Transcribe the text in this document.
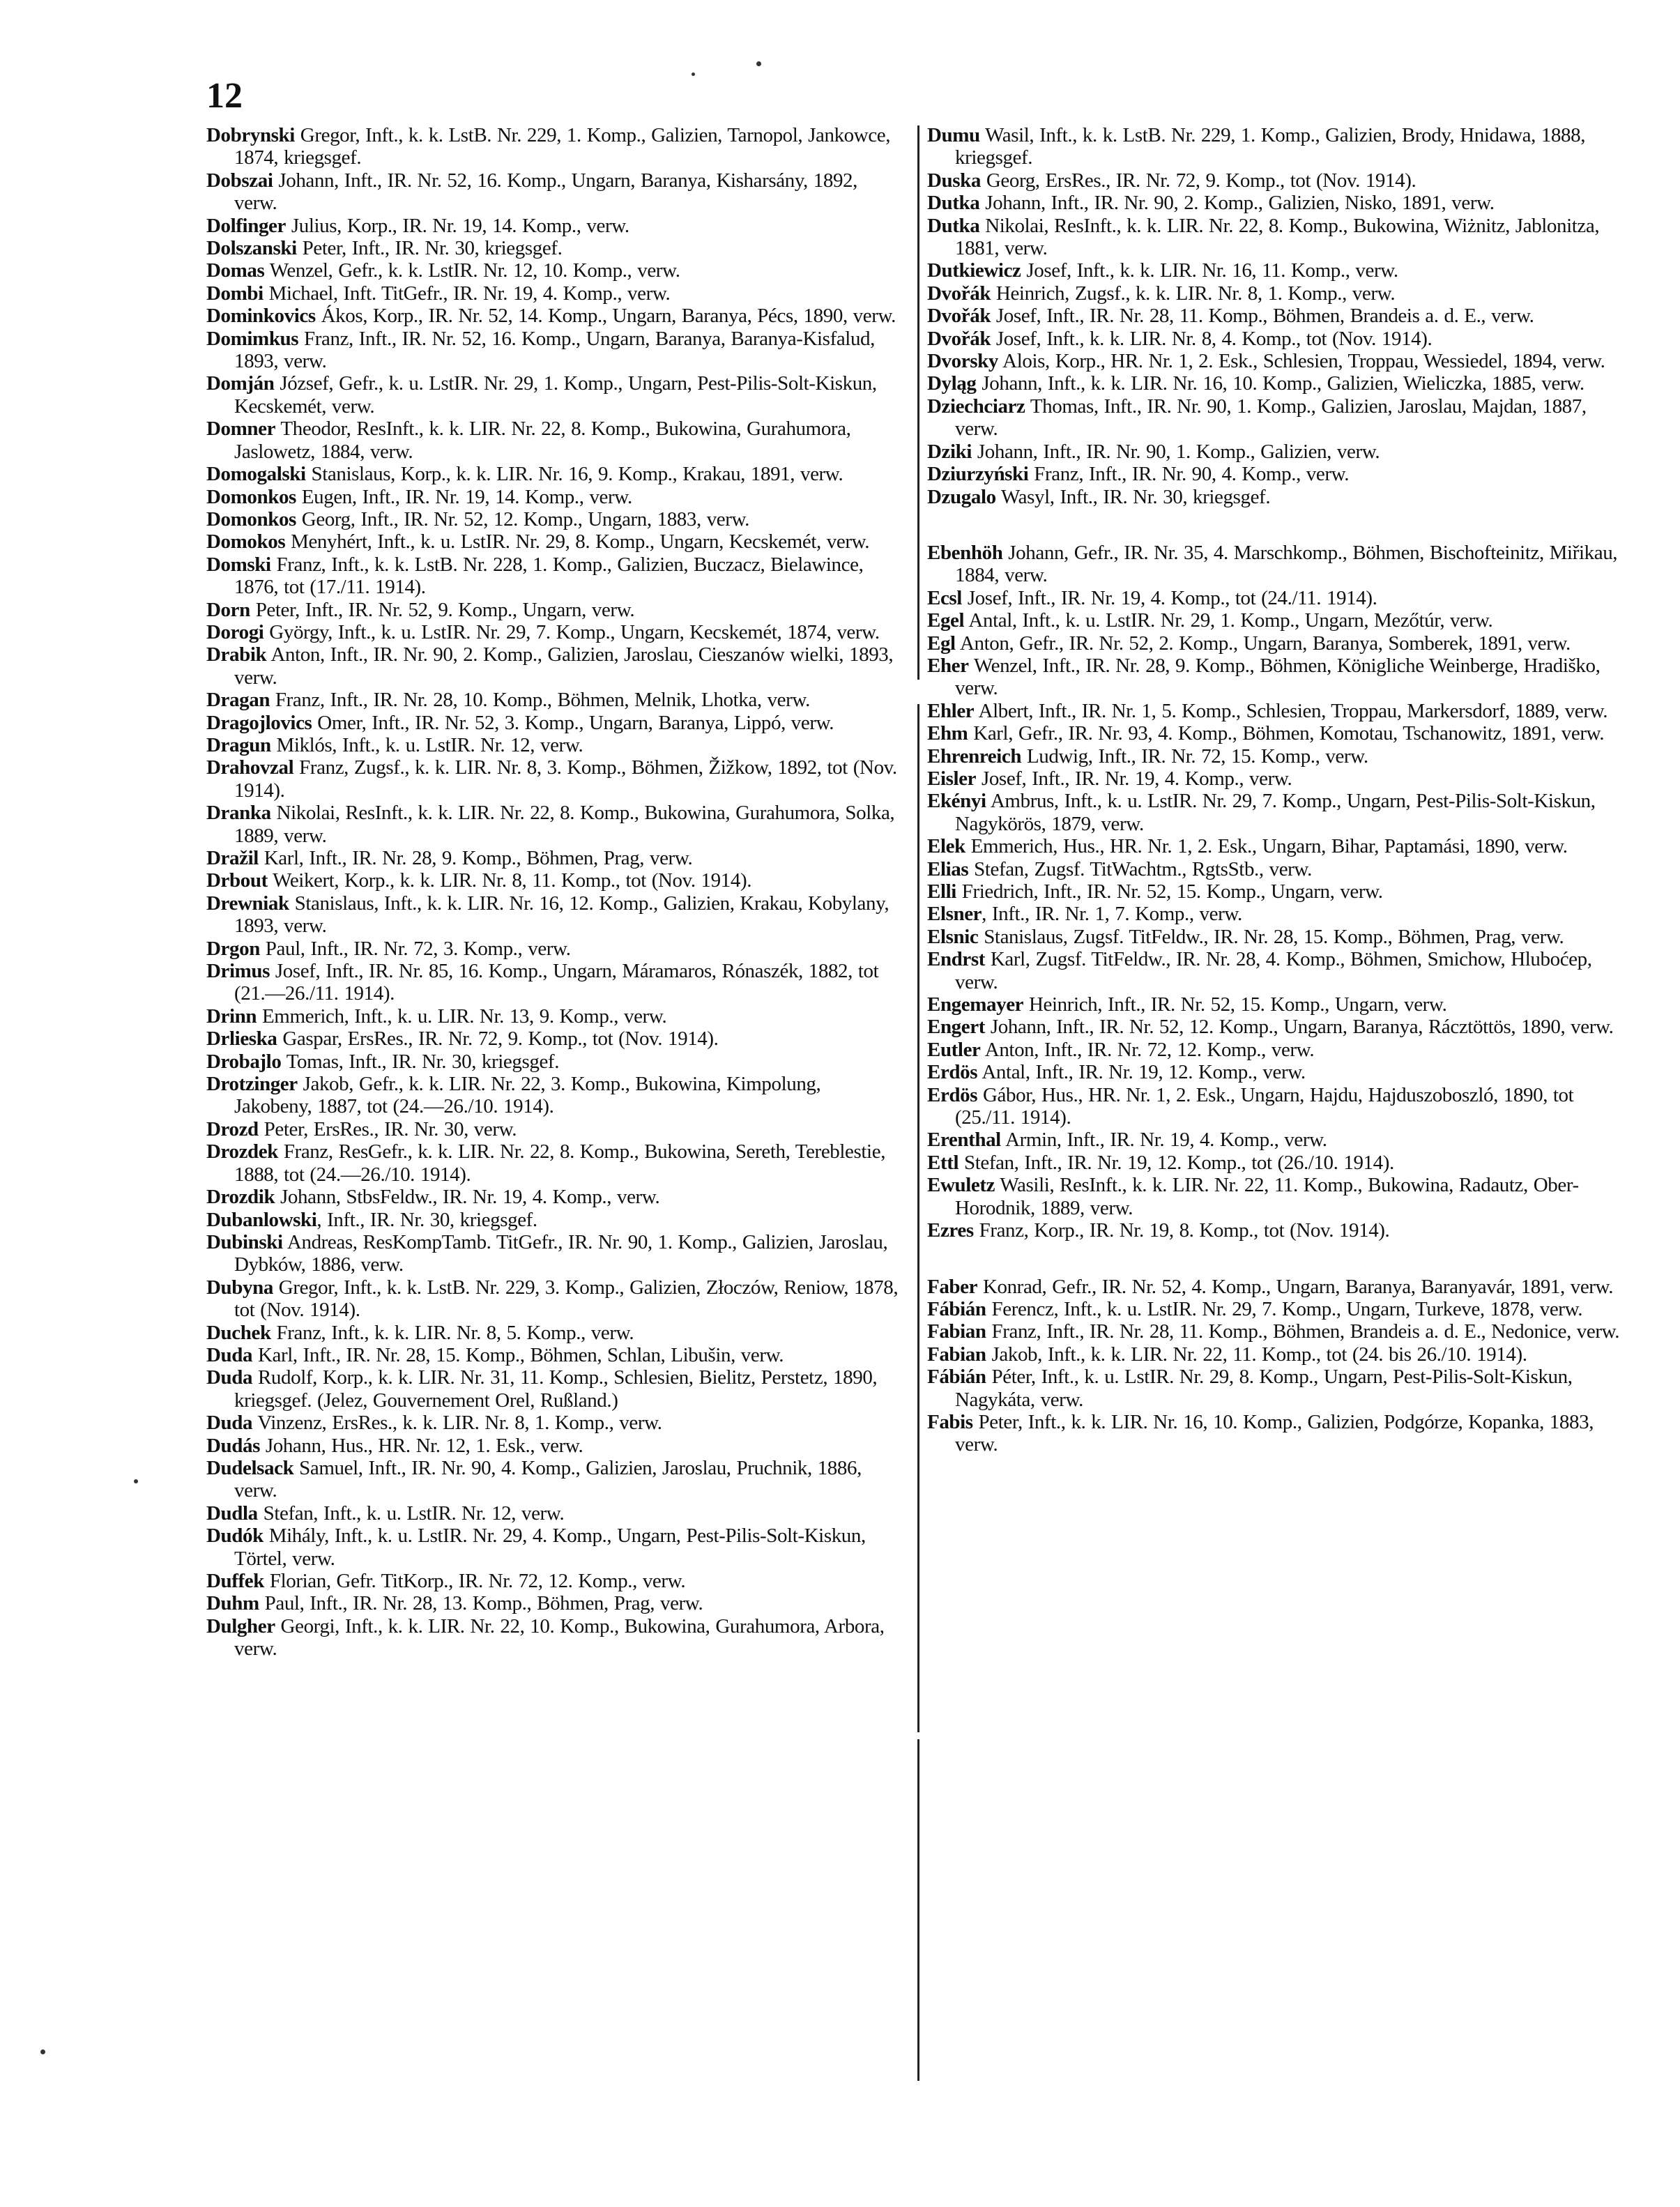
12
Dobrynski Gregor, Inft., k. k. LstB. Nr. 229, 1. Komp., Galizien, Tarnopol, Jankowce, 1874, kriegsgef.
Dobszai Johann, Inft., IR. Nr. 52, 16. Komp., Ungarn, Baranya, Kisharsány, 1892, verw.
Dolfinger Julius, Korp., IR. Nr. 19, 14. Komp., verw.
Dolszanski Peter, Inft., IR. Nr. 30, kriegsgef.
Domas Wenzel, Gefr., k. k. LstIR. Nr. 12, 10. Komp., verw.
Dombi Michael, Inft. TitGefr., IR. Nr. 19, 4. Komp., verw.
Dominkovics Ákos, Korp., IR. Nr. 52, 14. Komp., Ungarn, Baranya, Pécs, 1890, verw.
Domimkus Franz, Inft., IR. Nr. 52, 16. Komp., Ungarn, Baranya, Baranya-Kisfalud, 1893, verw.
Domján József, Gefr., k. u. LstIR. Nr. 29, 1. Komp., Ungarn, Pest-Pilis-Solt-Kiskun, Kecskemét, verw.
Domner Theodor, ResInft., k. k. LIR. Nr. 22, 8. Komp., Bukowina, Gurahumora, Jaslowetz, 1884, verw.
Domogalski Stanislaus, Korp., k. k. LIR. Nr. 16, 9. Komp., Krakau, 1891, verw.
Domonkos Eugen, Inft., IR. Nr. 19, 14. Komp., verw.
Domonkos Georg, Inft., IR. Nr. 52, 12. Komp., Ungarn, 1883, verw.
Domokos Menyhért, Inft., k. u. LstIR. Nr. 29, 8. Komp., Ungarn, Kecskemét, verw.
Domski Franz, Inft., k. k. LstB. Nr. 228, 1. Komp., Galizien, Buczacz, Bielawince, 1876, tot (17./11. 1914).
Dorn Peter, Inft., IR. Nr. 52, 9. Komp., Ungarn, verw.
Dorogi György, Inft., k. u. LstIR. Nr. 29, 7. Komp., Ungarn, Kecskemét, 1874, verw.
Drabik Anton, Inft., IR. Nr. 90, 2. Komp., Galizien, Jaroslau, Cieszanów wielki, 1893, verw.
Dragan Franz, Inft., IR. Nr. 28, 10. Komp., Böhmen, Melnik, Lhotka, verw.
Dragojlovics Omer, Inft., IR. Nr. 52, 3. Komp., Ungarn, Baranya, Lippó, verw.
Dragun Miklós, Inft., k. u. LstIR. Nr. 12, verw.
Drahovzal Franz, Zugsf., k. k. LIR. Nr. 8, 3. Komp., Böhmen, Žižkow, 1892, tot (Nov. 1914).
Dranka Nikolai, ResInft., k. k. LIR. Nr. 22, 8. Komp., Bukowina, Gurahumora, Solka, 1889, verw.
Dražil Karl, Inft., IR. Nr. 28, 9. Komp., Böhmen, Prag, verw.
Drbout Weikert, Korp., k. k. LIR. Nr. 8, 11. Komp., tot (Nov. 1914).
Drewniak Stanislaus, Inft., k. k. LIR. Nr. 16, 12. Komp., Galizien, Krakau, Kobylany, 1893, verw.
Drgon Paul, Inft., IR. Nr. 72, 3. Komp., verw.
Drimus Josef, Inft., IR. Nr. 85, 16. Komp., Ungarn, Máramaros, Rónaszék, 1882, tot (21.—26./11. 1914).
Drinn Emmerich, Inft., k. u. LIR. Nr. 13, 9. Komp., verw.
Drlieska Gaspar, ErsRes., IR. Nr. 72, 9. Komp., tot (Nov. 1914).
Drobajlo Tomas, Inft., IR. Nr. 30, kriegsgef.
Drotzinger Jakob, Gefr., k. k. LIR. Nr. 22, 3. Komp., Bukowina, Kimpolung, Jakobeny, 1887, tot (24.—26./10. 1914).
Drozd Peter, ErsRes., IR. Nr. 30, verw.
Drozdek Franz, ResGefr., k. k. LIR. Nr. 22, 8. Komp., Bukowina, Sereth, Tereblestie, 1888, tot (24.—26./10. 1914).
Drozdik Johann, StbsFeldw., IR. Nr. 19, 4. Komp., verw.
Dubanlowski, Inft., IR. Nr. 30, kriegsgef.
Dubinski Andreas, ResKompTamb. TitGefr., IR. Nr. 90, 1. Komp., Galizien, Jaroslau, Dybków, 1886, verw.
Dubyna Gregor, Inft., k. k. LstB. Nr. 229, 3. Komp., Galizien, Złoczów, Reniow, 1878, tot (Nov. 1914).
Duchek Franz, Inft., k. k. LIR. Nr. 8, 5. Komp., verw.
Duda Karl, Inft., IR. Nr. 28, 15. Komp., Böhmen, Schlan, Libušin, verw.
Duda Rudolf, Korp., k. k. LIR. Nr. 31, 11. Komp., Schlesien, Bielitz, Perstetz, 1890, kriegsgef. (Jelez, Gouvernement Orel, Rußland.)
Duda Vinzenz, ErsRes., k. k. LIR. Nr. 8, 1. Komp., verw.
Dudás Johann, Hus., HR. Nr. 12, 1. Esk., verw.
Dudelsack Samuel, Inft., IR. Nr. 90, 4. Komp., Galizien, Jaroslau, Pruchnik, 1886, verw.
Dudla Stefan, Inft., k. u. LstIR. Nr. 12, verw.
Dudók Mihály, Inft., k. u. LstIR. Nr. 29, 4. Komp., Ungarn, Pest-Pilis-Solt-Kiskun, Törtel, verw.
Duffek Florian, Gefr. TitKorp., IR. Nr. 72, 12. Komp., verw.
Duhm Paul, Inft., IR. Nr. 28, 13. Komp., Böhmen, Prag, verw.
Dulgher Georgi, Inft., k. k. LIR. Nr. 22, 10. Komp., Bukowina, Gurahumora, Arbora, verw.
Dumu Wasil, Inft., k. k. LstB. Nr. 229, 1. Komp., Galizien, Brody, Hnidawa, 1888, kriegsgef.
Duska Georg, ErsRes., IR. Nr. 72, 9. Komp., tot (Nov. 1914).
Dutka Johann, Inft., IR. Nr. 90, 2. Komp., Galizien, Nisko, 1891, verw.
Dutka Nikolai, ResInft., k. k. LIR. Nr. 22, 8. Komp., Bukowina, Wiżnitz, Jablonitza, 1881, verw.
Dutkiewicz Josef, Inft., k. k. LIR. Nr. 16, 11. Komp., verw.
Dvořák Heinrich, Zugsf., k. k. LIR. Nr. 8, 1. Komp., verw.
Dvořák Josef, Inft., IR. Nr. 28, 11. Komp., Böhmen, Brandeis a. d. E., verw.
Dvořák Josef, Inft., k. k. LIR. Nr. 8, 4. Komp., tot (Nov. 1914).
Dvorsky Alois, Korp., HR. Nr. 1, 2. Esk., Schlesien, Troppau, Wessiedel, 1894, verw.
Dyląg Johann, Inft., k. k. LIR. Nr. 16, 10. Komp., Galizien, Wieliczka, 1885, verw.
Dziechciarz Thomas, Inft., IR. Nr. 90, 1. Komp., Galizien, Jaroslau, Majdan, 1887, verw.
Dziki Johann, Inft., IR. Nr. 90, 1. Komp., Galizien, verw.
Dziurzyński Franz, Inft., IR. Nr. 90, 4. Komp., verw.
Dzugalo Wasyl, Inft., IR. Nr. 30, kriegsgef.
Ebenhöh Johann, Gefr., IR. Nr. 35, 4. Marschkomp., Böhmen, Bischofteinitz, Miřikau, 1884, verw.
Ecsl Josef, Inft., IR. Nr. 19, 4. Komp., tot (24./11. 1914).
Egel Antal, Inft., k. u. LstIR. Nr. 29, 1. Komp., Ungarn, Mezőtúr, verw.
Egl Anton, Gefr., IR. Nr. 52, 2. Komp., Ungarn, Baranya, Somberek, 1891, verw.
Eher Wenzel, Inft., IR. Nr. 28, 9. Komp., Böhmen, Königliche Weinberge, Hradiško, verw.
Ehler Albert, Inft., IR. Nr. 1, 5. Komp., Schlesien, Troppau, Markersdorf, 1889, verw.
Ehm Karl, Gefr., IR. Nr. 93, 4. Komp., Böhmen, Komotau, Tschanowitz, 1891, verw.
Ehrenreich Ludwig, Inft., IR. Nr. 72, 15. Komp., verw.
Eisler Josef, Inft., IR. Nr. 19, 4. Komp., verw.
Ekényi Ambrus, Inft., k. u. LstIR. Nr. 29, 7. Komp., Ungarn, Pest-Pilis-Solt-Kiskun, Nagykörös, 1879, verw.
Elek Emmerich, Hus., HR. Nr. 1, 2. Esk., Ungarn, Bihar, Paptamási, 1890, verw.
Elias Stefan, Zugsf. TitWachtm., RgtsStb., verw.
Elli Friedrich, Inft., IR. Nr. 52, 15. Komp., Ungarn, verw.
Elsner, Inft., IR. Nr. 1, 7. Komp., verw.
Elsnic Stanislaus, Zugsf. TitFeldw., IR. Nr. 28, 15. Komp., Böhmen, Prag, verw.
Endrst Karl, Zugsf. TitFeldw., IR. Nr. 28, 4. Komp., Böhmen, Smichow, Hluboćep, verw.
Engemayer Heinrich, Inft., IR. Nr. 52, 15. Komp., Ungarn, verw.
Engert Johann, Inft., IR. Nr. 52, 12. Komp., Ungarn, Baranya, Rácztöttös, 1890, verw.
Eutler Anton, Inft., IR. Nr. 72, 12. Komp., verw.
Erdös Antal, Inft., IR. Nr. 19, 12. Komp., verw.
Erdös Gábor, Hus., HR. Nr. 1, 2. Esk., Ungarn, Hajdu, Hajduszoboszló, 1890, tot (25./11. 1914).
Erenthal Armin, Inft., IR. Nr. 19, 4. Komp., verw.
Ettl Stefan, Inft., IR. Nr. 19, 12. Komp., tot (26./10. 1914).
Ewuletz Wasili, ResInft., k. k. LIR. Nr. 22, 11. Komp., Bukowina, Radautz, Ober-Horodnik, 1889, verw.
Ezres Franz, Korp., IR. Nr. 19, 8. Komp., tot (Nov. 1914).
Faber Konrad, Gefr., IR. Nr. 52, 4. Komp., Ungarn, Baranya, Baranyavár, 1891, verw.
Fábián Ferencz, Inft., k. u. LstIR. Nr. 29, 7. Komp., Ungarn, Turkeve, 1878, verw.
Fabian Franz, Inft., IR. Nr. 28, 11. Komp., Böhmen, Brandeis a. d. E., Nedonice, verw.
Fabian Jakob, Inft., k. k. LIR. Nr. 22, 11. Komp., tot (24. bis 26./10. 1914).
Fábián Péter, Inft., k. u. LstIR. Nr. 29, 8. Komp., Ungarn, Pest-Pilis-Solt-Kiskun, Nagykáta, verw.
Fabis Peter, Inft., k. k. LIR. Nr. 16, 10. Komp., Galizien, Podgórze, Kopanka, 1883, verw.
